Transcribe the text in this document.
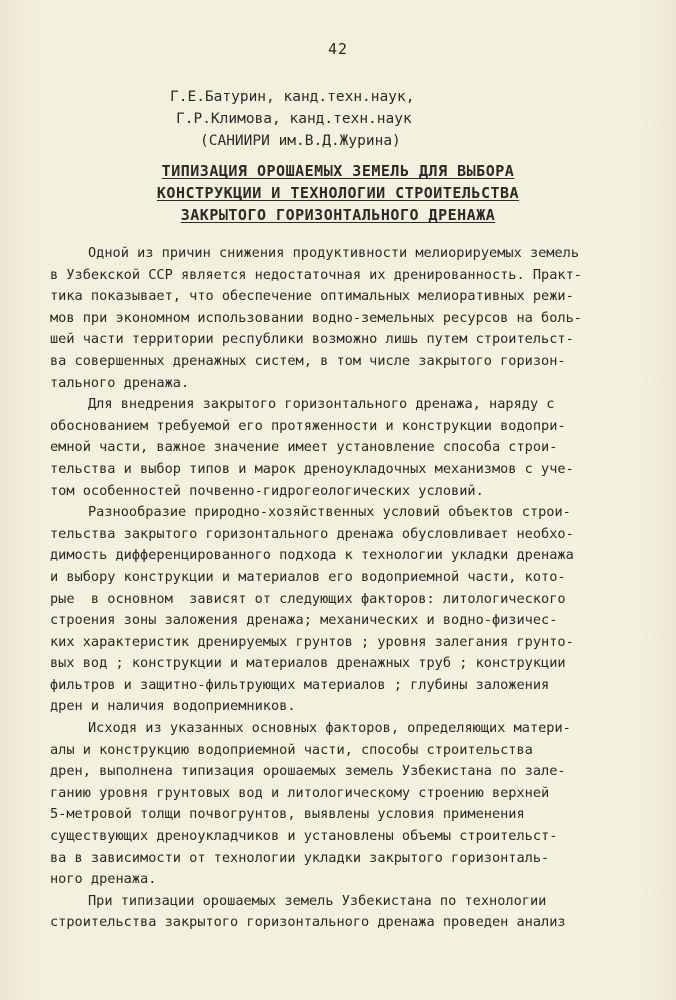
42
Г.Е.Батурин, канд.техн.наук,
Г.Р.Климова, канд.техн.наук
(САНИИРИ им.В.Д.Журина)
ТИПИЗАЦИЯ ОРОШАЕМЫХ ЗЕМЕЛЬ ДЛЯ ВЫБОРА
КОНСТРУКЦИИ И ТЕХНОЛОГИИ СТРОИТЕЛЬСТВА
ЗАКРЫТОГО ГОРИЗОНТАЛЬНОГО ДРЕНАЖА
Одной из причин снижения продуктивности мелиорируемых земель
в Узбекской ССР является недостаточная их дренированность. Практ-
тика показывает, что обеспечение оптимальных мелиоративных режи-
мов при экономном использовании водно-земельных ресурсов на боль-
шей части территории республики возможно лишь путем строительст-
ва совершенных дренажных систем, в том числе закрытого горизон-
тального дренажа.
Для внедрения закрытого горизонтального дренажа, наряду с
обоснованием требуемой его протяженности и конструкции водопри-
емной части, важное значение имеет установление способа строи-
тельства и выбор типов и марок дреноукладочных механизмов с уче-
том особенностей почвенно-гидрогеологических условий.
Разнообразие природно-хозяйственных условий объектов строи-
тельства закрытого горизонтального дренажа обусловливает необхо-
димость дифференцированного подхода к технологии укладки дренажа
и выбору конструкции и материалов его водоприемной части, кото-
рые  в основном  зависят от следующих факторов: литологического
строения зоны заложения дренажа; механических и водно-физичес-
ких характеристик дренируемых грунтов ; уровня залегания грунто-
вых вод ; конструкции и материалов дренажных труб ; конструкции
фильтров и защитно-фильтрующих материалов ; глубины заложения
дрен и наличия водоприемников.
Исходя из указанных основных факторов, определяющих матери-
алы и конструкцию водоприемной части, способы строительства
дрен, выполнена типизация орошаемых земель Узбекистана по зале-
ганию уровня грунтовых вод и литологическому строению верхней
5-метровой толщи почвогрунтов, выявлены условия применения
существующих дреноукладчиков и установлены объемы строительст-
ва в зависимости от технологии укладки закрытого горизонталь-
ного дренажа.
При типизации орошаемых земель Узбекистана по технологии
строительства закрытого горизонтального дренажа проведен анализ
